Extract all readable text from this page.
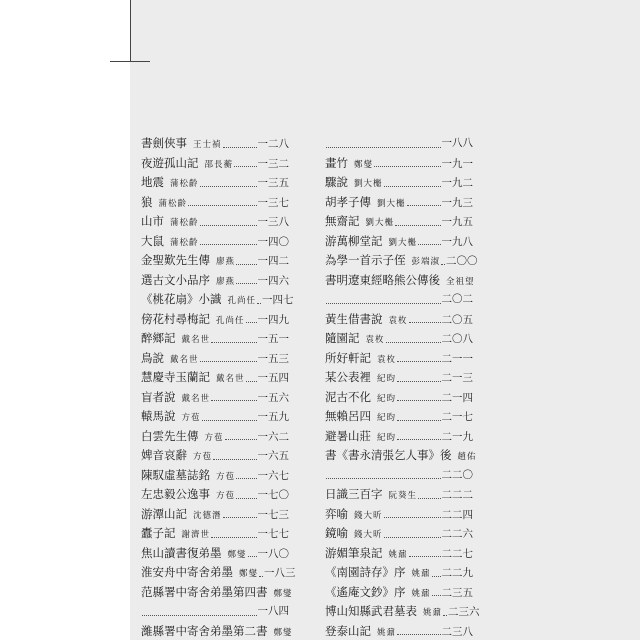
書劍俠事 王士禎	一二八
夜遊孤山記 邵長蘅 一三二
地震 蒲松齡	一三五
狼 蒲松齡	一三七
山市 蒲松齡	一三八
大鼠 蒲松齡	一四〇
金聖歎先生傳 廖燕 一四二
選古文小品序 廖燕 一四六
《桃花扇》小識 孔尚任 一四七
傍花村尋梅記 孔尚任 一四九
醉鄉記 戴名世	一五一
鳥說 戴名世	一五三
慧慶寺玉蘭記 戴名世 一五四
盲者說 戴名世	一五六
轅馬說 方苞	一五九
白雲先生傳 方苞	一六二
婢音哀辭 方苞	一六五
陳馭虛墓誌銘 方苞 一六七
左忠毅公逸事 方苞 一七〇
游潭山記 沈德潛	一七三
蠹子記 謝濟世	一七七
焦山讀書復弟墨 鄭燮 一八〇
淮安舟中寄舍弟墨 鄭燮 一八三
范縣署中寄舍弟墨第四書 鄭燮
一八四
濰縣署中寄舍弟墨第二書 鄭燮
一八八
畫竹 鄭燮	一九一
驟說 劉大櫆	一九二
胡孝子傳 劉大櫆	一九三
無齋記 劉大櫆	一九五
游萬柳堂記 劉大櫆 一九八
為學一首示子侄 彭端淑 二〇〇
書明遼東經略熊公傳後 全祖望
二〇二
黃生借書說 袁枚	二〇五
隨園記 袁枚	二〇八
所好軒記 袁枚	二一一
某公表裡 紀昀	二一三
泥古不化 紀昀	二一四
無賴呂四 紀昀	二一七
避暑山莊 紀昀	二一九
書《書永清張乞人事》後 趙佑
二二〇
日識三百字 阮葵生 二二二
弈喻 錢大昕	二二四
鏡喻 錢大昕	二二六
游媚筆泉記 姚鼐	二二七
《南園詩存》序 姚鼐 二二九
《遙庵文鈔》序 姚鼐 二三五
博山知縣武君墓表 姚鼐 二三六
登泰山記 姚鼐	二三八
